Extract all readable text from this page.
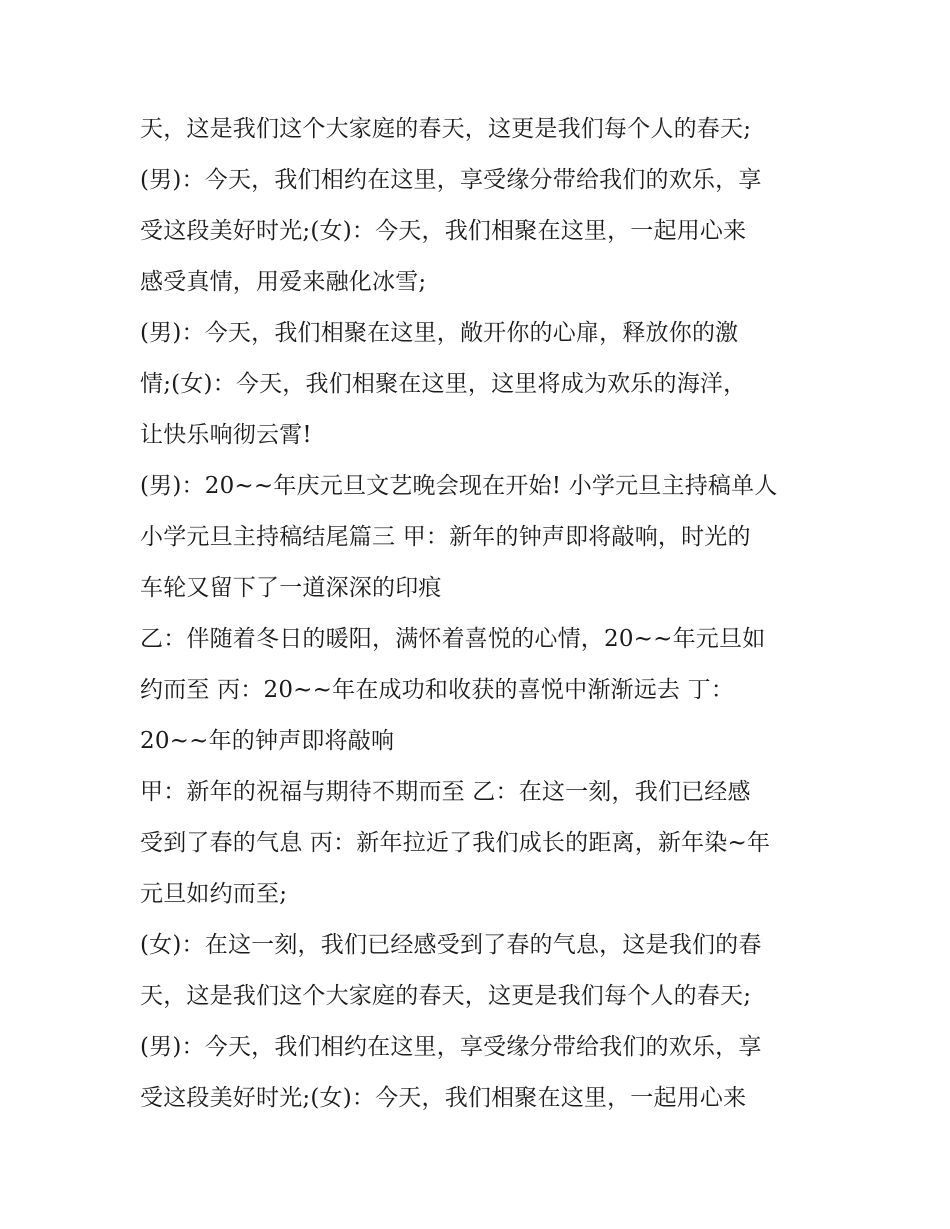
天，这是我们这个大家庭的春天，这更是我们每个人的春天;
(男)：今天，我们相约在这里，享受缘分带给我们的欢乐，享
受这段美好时光;(女)：今天，我们相聚在这里，一起用心来
感受真情，用爱来融化冰雪;
(男)：今天，我们相聚在这里，敞开你的心扉，释放你的激
情;(女)：今天，我们相聚在这里，这里将成为欢乐的海洋，
让快乐响彻云霄!
(男)：20~~年庆元旦文艺晚会现在开始! 小学元旦主持稿单人
小学元旦主持稿结尾篇三 甲：新年的钟声即将敲响，时光的
车轮又留下了一道深深的印痕
乙：伴随着冬日的暖阳，满怀着喜悦的心情，20~~年元旦如
约而至 丙：20~~年在成功和收获的喜悦中渐渐远去 丁：
20~~年的钟声即将敲响
甲：新年的祝福与期待不期而至 乙：在这一刻，我们已经感
受到了春的气息 丙：新年拉近了我们成长的距离，新年染~年
元旦如约而至;
(女)：在这一刻，我们已经感受到了春的气息，这是我们的春
天，这是我们这个大家庭的春天，这更是我们每个人的春天;
(男)：今天，我们相约在这里，享受缘分带给我们的欢乐，享
受这段美好时光;(女)：今天，我们相聚在这里，一起用心来
